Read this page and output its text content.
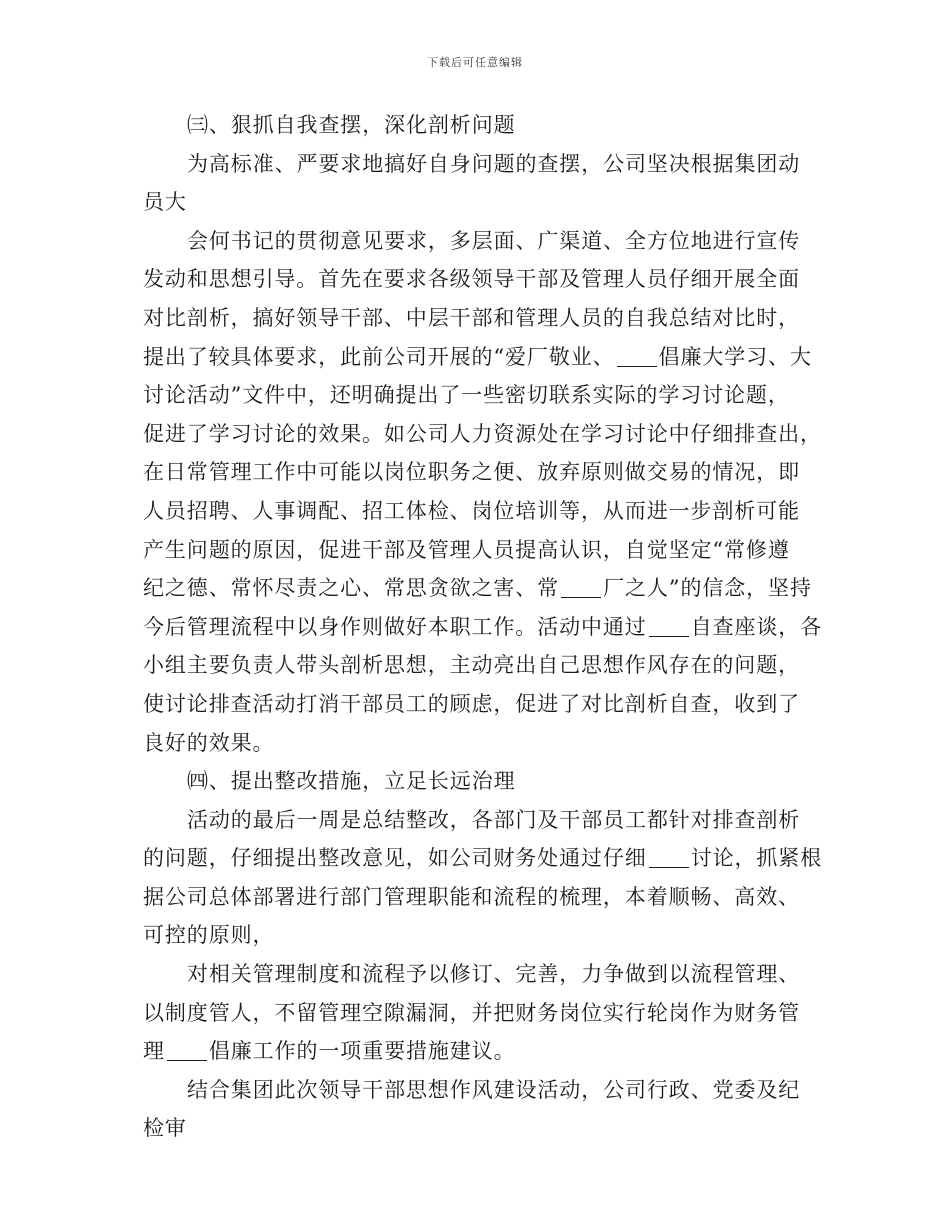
下载后可任意编辑
㈢、狠抓自我查摆，深化剖析问题
为高标准、严要求地搞好自身问题的查摆，公司坚决根据集团动
员大
会何书记的贯彻意见要求，多层面、广渠道、全方位地进行宣传
发动和思想引导。首先在要求各级领导干部及管理人员仔细开展全面
对比剖析，搞好领导干部、中层干部和管理人员的自我总结对比时，
提出了较具体要求，此前公司开展的“爱厂敬业、 倡廉大学习、大
讨论活动”文件中，还明确提出了一些密切联系实际的学习讨论题，
促进了学习讨论的效果。如公司人力资源处在学习讨论中仔细排查出，
在日常管理工作中可能以岗位职务之便、放弃原则做交易的情况，即
人员招聘、人事调配、招工体检、岗位培训等，从而进一步剖析可能
产生问题的原因，促进干部及管理人员提高认识，自觉坚定“常修遵
纪之德、常怀尽责之心、常思贪欲之害、常 厂之人”的信念，坚持
今后管理流程中以身作则做好本职工作。活动中通过 自查座谈，各
小组主要负责人带头剖析思想，主动亮出自己思想作风存在的问题，
使讨论排查活动打消干部员工的顾虑，促进了对比剖析自查，收到了
良好的效果。
㈣、提出整改措施，立足长远治理
活动的最后一周是总结整改，各部门及干部员工都针对排查剖析
的问题，仔细提出整改意见，如公司财务处通过仔细 讨论，抓紧根
据公司总体部署进行部门管理职能和流程的梳理，本着顺畅、高效、
可控的原则，
对相关管理制度和流程予以修订、完善，力争做到以流程管理、
以制度管人，不留管理空隙漏洞，并把财务岗位实行轮岗作为财务管
理 倡廉工作的一项重要措施建议。
结合集团此次领导干部思想作风建设活动，公司行政、党委及纪
检审
